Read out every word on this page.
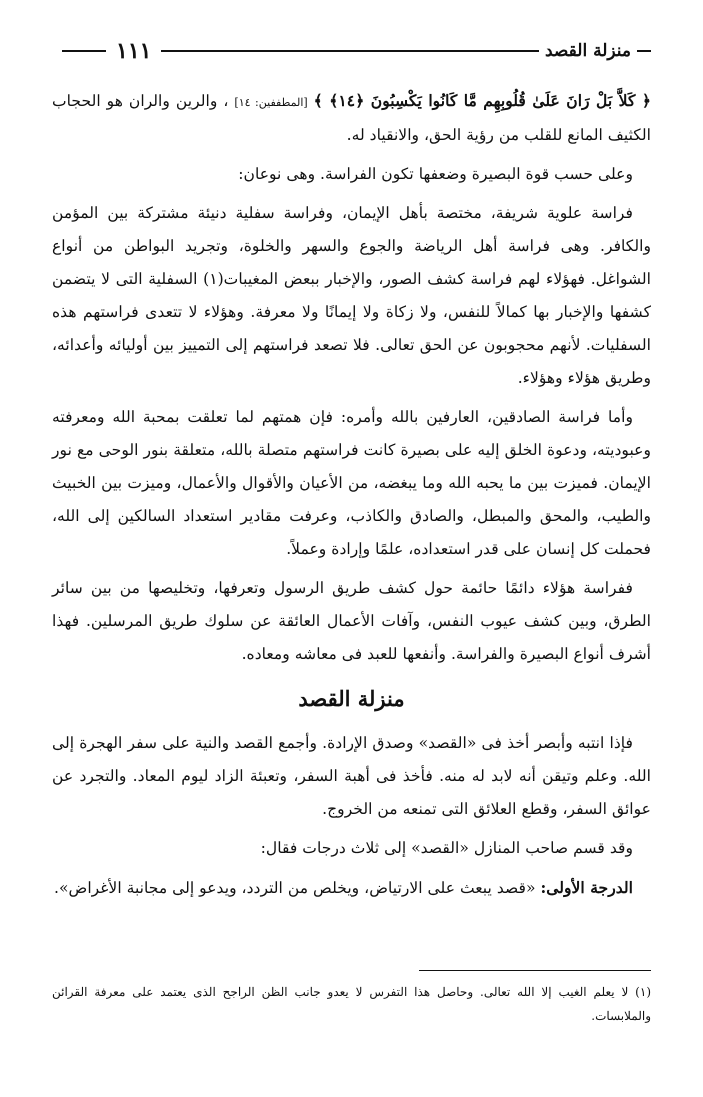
منزلة القصد
١١١

﴿ كَلاَّ بَلْ رَانَ عَلَىٰ قُلُوبِهِم مَّا كَانُوا يَكْسِبُونَ ﴿١٤﴾ ﴾ [المطففين: ١٤] ، والرين والران هو الحجاب الكثيف المانع للقلب من رؤية الحق، والانقياد له.

وعلى حسب قوة البصيرة وضعفها تكون الفراسة. وهى نوعان:

فراسة علوية شريفة، مختصة بأهل الإيمان، وفراسة سفلية دنيئة مشتركة بين المؤمن والكافر. وهى فراسة أهل الرياضة والجوع والسهر والخلوة، وتجريد البواطن من أنواع الشواغل. فهؤلاء لهم فراسة كشف الصور، والإخبار ببعض المغيبات(١) السفلية التى لا يتضمن كشفها والإخبار بها كمالاً للنفس، ولا زكاة ولا إيمانًا ولا معرفة. وهؤلاء لا تتعدى فراستهم هذه السفليات. لأنهم محجوبون عن الحق تعالى. فلا تصعد فراستهم إلى التمييز بين أوليائه وأعدائه، وطريق هؤلاء وهؤلاء.

وأما فراسة الصادقين، العارفين بالله وأمره: فإن همتهم لما تعلقت بمحبة الله ومعرفته وعبوديته، ودعوة الخلق إليه على بصيرة كانت فراستهم متصلة بالله، متعلقة بنور الوحى مع نور الإيمان. فميزت بين ما يحبه الله وما يبغضه، من الأعيان والأقوال والأعمال، وميزت بين الخبيث والطيب، والمحق والمبطل، والصادق والكاذب، وعرفت مقادير استعداد السالكين إلى الله، فحملت كل إنسان على قدر استعداده، علمًا وإرادة وعملاً.

ففراسة هؤلاء دائمًا حائمة حول كشف طريق الرسول وتعرفها، وتخليصها من بين سائر الطرق، وبين كشف عيوب النفس، وآفات الأعمال العائقة عن سلوك طريق المرسلين. فهذا أشرف أنواع البصيرة والفراسة. وأنفعها للعبد فى معاشه ومعاده.

منزلة القصد

فإذا انتبه وأبصر أخذ فى «القصد» وصدق الإرادة. وأجمع القصد والنية على سفر الهجرة إلى الله. وعلم وتيقن أنه لابد له منه. فأخذ فى أهبة السفر، وتعبئة الزاد ليوم المعاد. والتجرد عن عوائق السفر، وقطع العلائق التى تمنعه من الخروج.

وقد قسم صاحب المنازل «القصد» إلى ثلاث درجات فقال:

الدرجة الأولى: «قصد يبعث على الارتياض، ويخلص من التردد، ويدعو إلى مجانبة الأغراض».

(١) لا يعلم الغيب إلا الله تعالى. وحاصل هذا التفرس لا يعدو جانب الظن الراجح الذى يعتمد على معرفة القرائن والملابسات.
